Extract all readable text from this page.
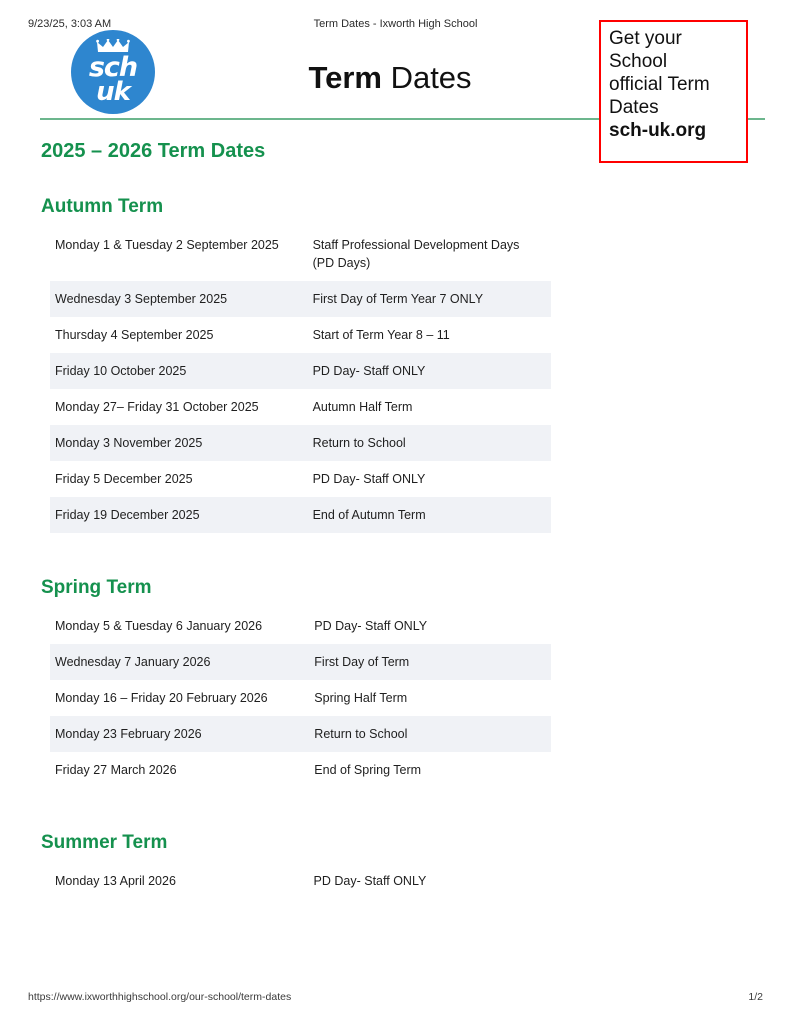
9/23/25, 3:03 AM	Term Dates - Ixworth High School
sch
uk	Term Dates
Get your
School
official Term
Dates
sch-uk.org
2025 – 2026 Term Dates
Autumn Term
Monday 1 & Tuesday 2 September 2025	Staff Professional Development Days (PD Days)
Wednesday 3 September 2025	First Day of Term Year 7 ONLY
Thursday 4 September 2025	Start of Term Year 8 – 11
Friday 10 October 2025	PD Day- Staff ONLY
Monday 27– Friday 31 October 2025	Autumn Half Term
Monday 3 November 2025	Return to School
Friday 5 December 2025	PD Day- Staff ONLY
Friday 19 December 2025	End of Autumn Term
Spring Term
Monday 5 & Tuesday 6 January 2026	PD Day- Staff ONLY
Wednesday 7 January 2026	First Day of Term
Monday 16 – Friday 20 February 2026	Spring Half Term
Monday 23 February 2026	Return to School
Friday 27 March 2026	End of Spring Term
Summer Term
Monday 13 April 2026	PD Day- Staff ONLY
https://www.ixworthhighschool.org/our-school/term-dates	1/2
